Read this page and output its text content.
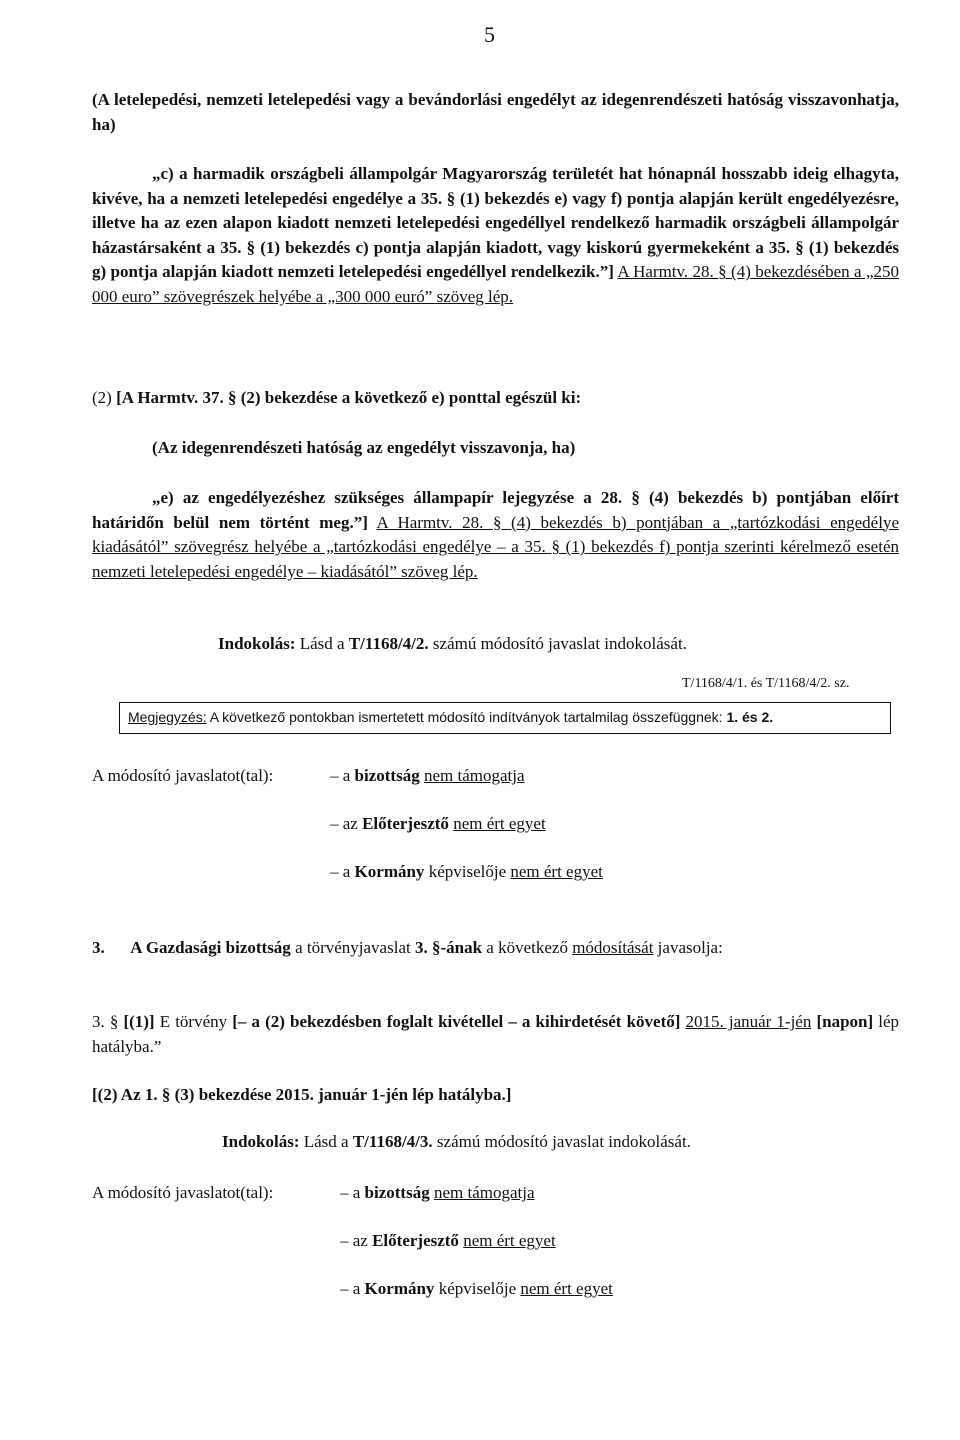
5
(A letelepedési, nemzeti letelepedési vagy a bevándorlási engedélyt az idegenrendészeti hatóság visszavonhatja, ha)
„c) a harmadik országbeli állampolgár Magyarország területét hat hónapnál hosszabb ideig elhagyta, kivéve, ha a nemzeti letelepedési engedélye a 35. § (1) bekezdés e) vagy f) pontja alapján került engedélyezésre, illetve ha az ezen alapon kiadott nemzeti letelepedési engedéllyel rendelkező harmadik országbeli állampolgár házastársaként a 35. § (1) bekezdés c) pontja alapján kiadott, vagy kiskorú gyermekeként a 35. § (1) bekezdés g) pontja alapján kiadott nemzeti letelepedési engedéllyel rendelkezik.”] A Harmtv. 28. § (4) bekezdésében a „250 000 euro” szövegrészek helyébe a „300 000 euró” szöveg lép.
(2) [A Harmtv. 37. § (2) bekezdése a következő e) ponttal egészül ki:
(Az idegenrendészeti hatóság az engedélyt visszavonja, ha)
„e) az engedélyezéshez szükséges állampapír lejegyzése a 28. § (4) bekezdés b) pontjában előírt határidőn belül nem történt meg.”] A Harmtv. 28. § (4) bekezdés b) pontjában a „tartózkodási engedélye kiadásától” szövegrész helyébe a „tartózkodási engedélye – a 35. § (1) bekezdés f) pontja szerinti kérelmező esetén nemzeti letelepedési engedélye – kiadásától” szöveg lép.
Indokolás: Lásd a T/1168/4/2. számú módosító javaslat indokolását.
T/1168/4/1. és T/1168/4/2. sz.
Megjegyzés: A következő pontokban ismertetett módosító indítványok tartalmilag összefüggnek: 1. és 2.
A módosító javaslatot(tal):	– a bizottság nem támogatja
– az Előterjesztő nem ért egyet
– a Kormány képviselője nem ért egyet
3. A Gazdasági bizottság a törvényjavaslat 3. §-ának a következő módosítását javasolja:
3. § [(1)] E törvény [– a (2) bekezdésben foglalt kivétellel – a kihirdetését követő] 2015. január 1-jén [napon] lép hatályba.”
[(2) Az 1. § (3) bekezdése 2015. január 1-jén lép hatályba.]
Indokolás: Lásd a T/1168/4/3. számú módosító javaslat indokolását.
A módosító javaslatot(tal):	– a bizottság nem támogatja
– az Előterjesztő nem ért egyet
– a Kormány képviselője nem ért egyet
